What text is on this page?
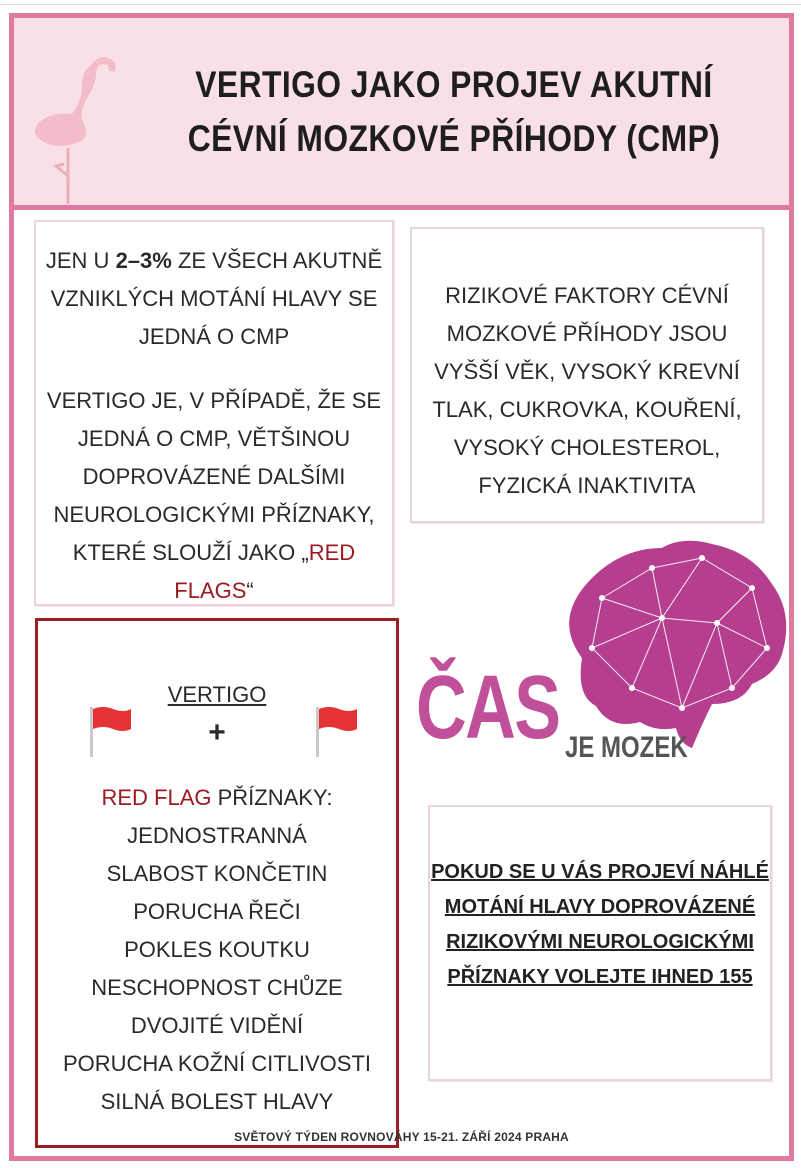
VERTIGO JAKO PROJEV AKUTNÍ
CÉVNÍ MOZKOVÉ PŘÍHODY (CMP)

JEN U 2–3% ZE VŠECH AKUTNĚ VZNIKLÝCH MOTÁNÍ HLAVY SE JEDNÁ O CMP

VERTIGO JE, V PŘÍPADĚ, ŽE SE JEDNÁ O CMP, VĚTŠINOU DOPROVÁZENÉ DALŠÍMI NEUROLOGICKÝMI PŘÍZNAKY, KTERÉ SLOUŽÍ JAKO „RED FLAGS“

RIZIKOVÉ FAKTORY CÉVNÍ MOZKOVÉ PŘÍHODY JSOU VYŠŠÍ VĚK, VYSOKÝ KREVNÍ TLAK, CUKROVKA, KOUŘENÍ, VYSOKÝ CHOLESTEROL, FYZICKÁ INAKTIVITA
VERTIGO
+
RED FLAG PŘÍZNAKY:
JEDNOSTRANNÁ SLABOST KONČETIN
PORUCHA ŘEČI
POKLES KOUTKU
NESCHOPNOST CHŮZE
DVOJITÉ VIDĚNÍ
PORUCHA KOŽNÍ CITLIVOSTI
SILNÁ BOLEST HLAVY
ČAS JE MOZEK
POKUD SE U VÁS PROJEVÍ NÁHLÉ MOTÁNÍ HLAVY DOPROVÁZENÉ RIZIKOVÝMI NEUROLOGICKÝMI PŘÍZNAKY VOLEJTE IHNED 155
SVĚTOVÝ TÝDEN ROVNOVÁHY 15-21. ZÁŘÍ 2024 PRAHA
